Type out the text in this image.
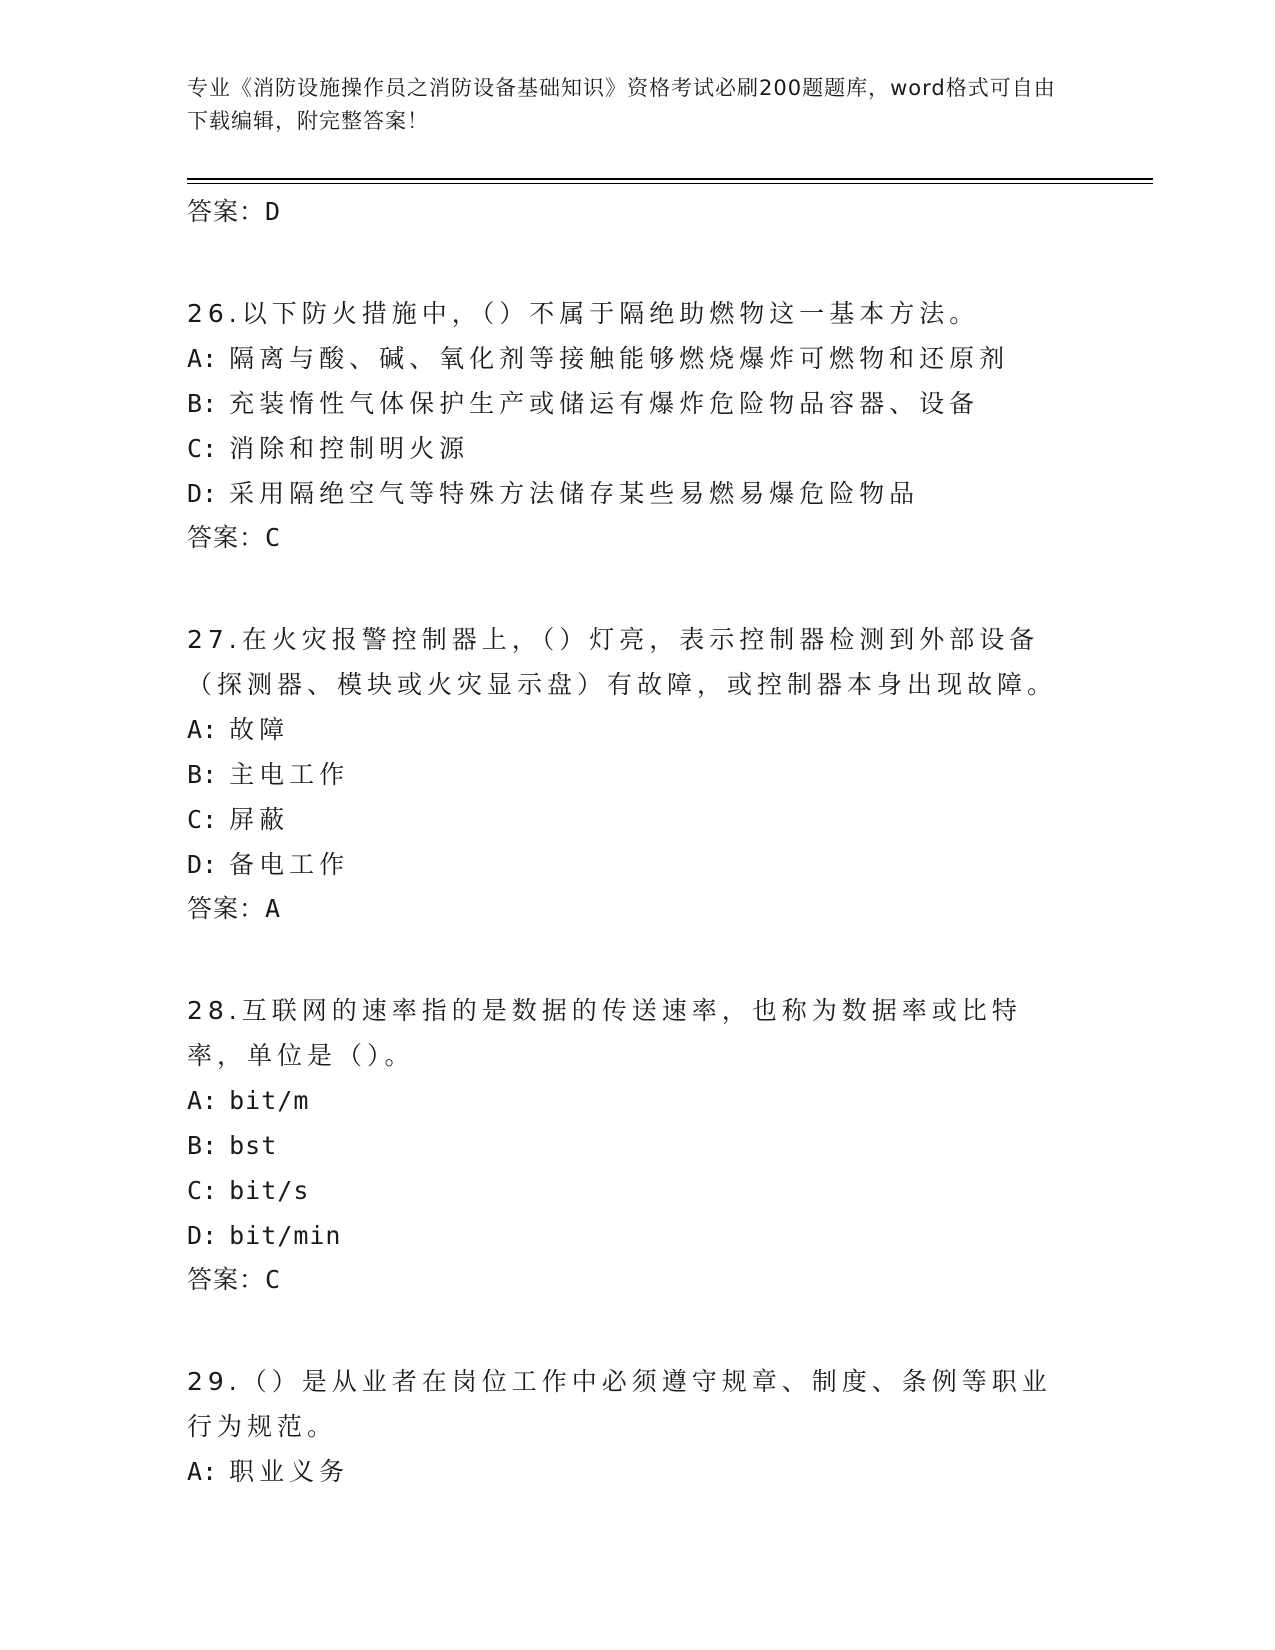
专业《消防设施操作员之消防设备基础知识》资格考试必刷200题题库，word格式可自由下载编辑，附完整答案！
答案：D
26.以下防火措施中，（）不属于隔绝助燃物这一基本方法。
A: 隔离与酸、碱、氧化剂等接触能够燃烧爆炸可燃物和还原剂
B: 充装惰性气体保护生产或储运有爆炸危险物品容器、设备
C: 消除和控制明火源
D: 采用隔绝空气等特殊方法储存某些易燃易爆危险物品
答案：C
27.在火灾报警控制器上，（）灯亮，表示控制器检测到外部设备（探测器、模块或火灾显示盘）有故障，或控制器本身出现故障。
A: 故障
B: 主电工作
C: 屏蔽
D: 备电工作
答案：A
28.互联网的速率指的是数据的传送速率，也称为数据率或比特率，单位是（）。
A: bit/m
B: bst
C: bit/s
D: bit/min
答案：C
29.（）是从业者在岗位工作中必须遵守规章、制度、条例等职业行为规范。
A: 职业义务
